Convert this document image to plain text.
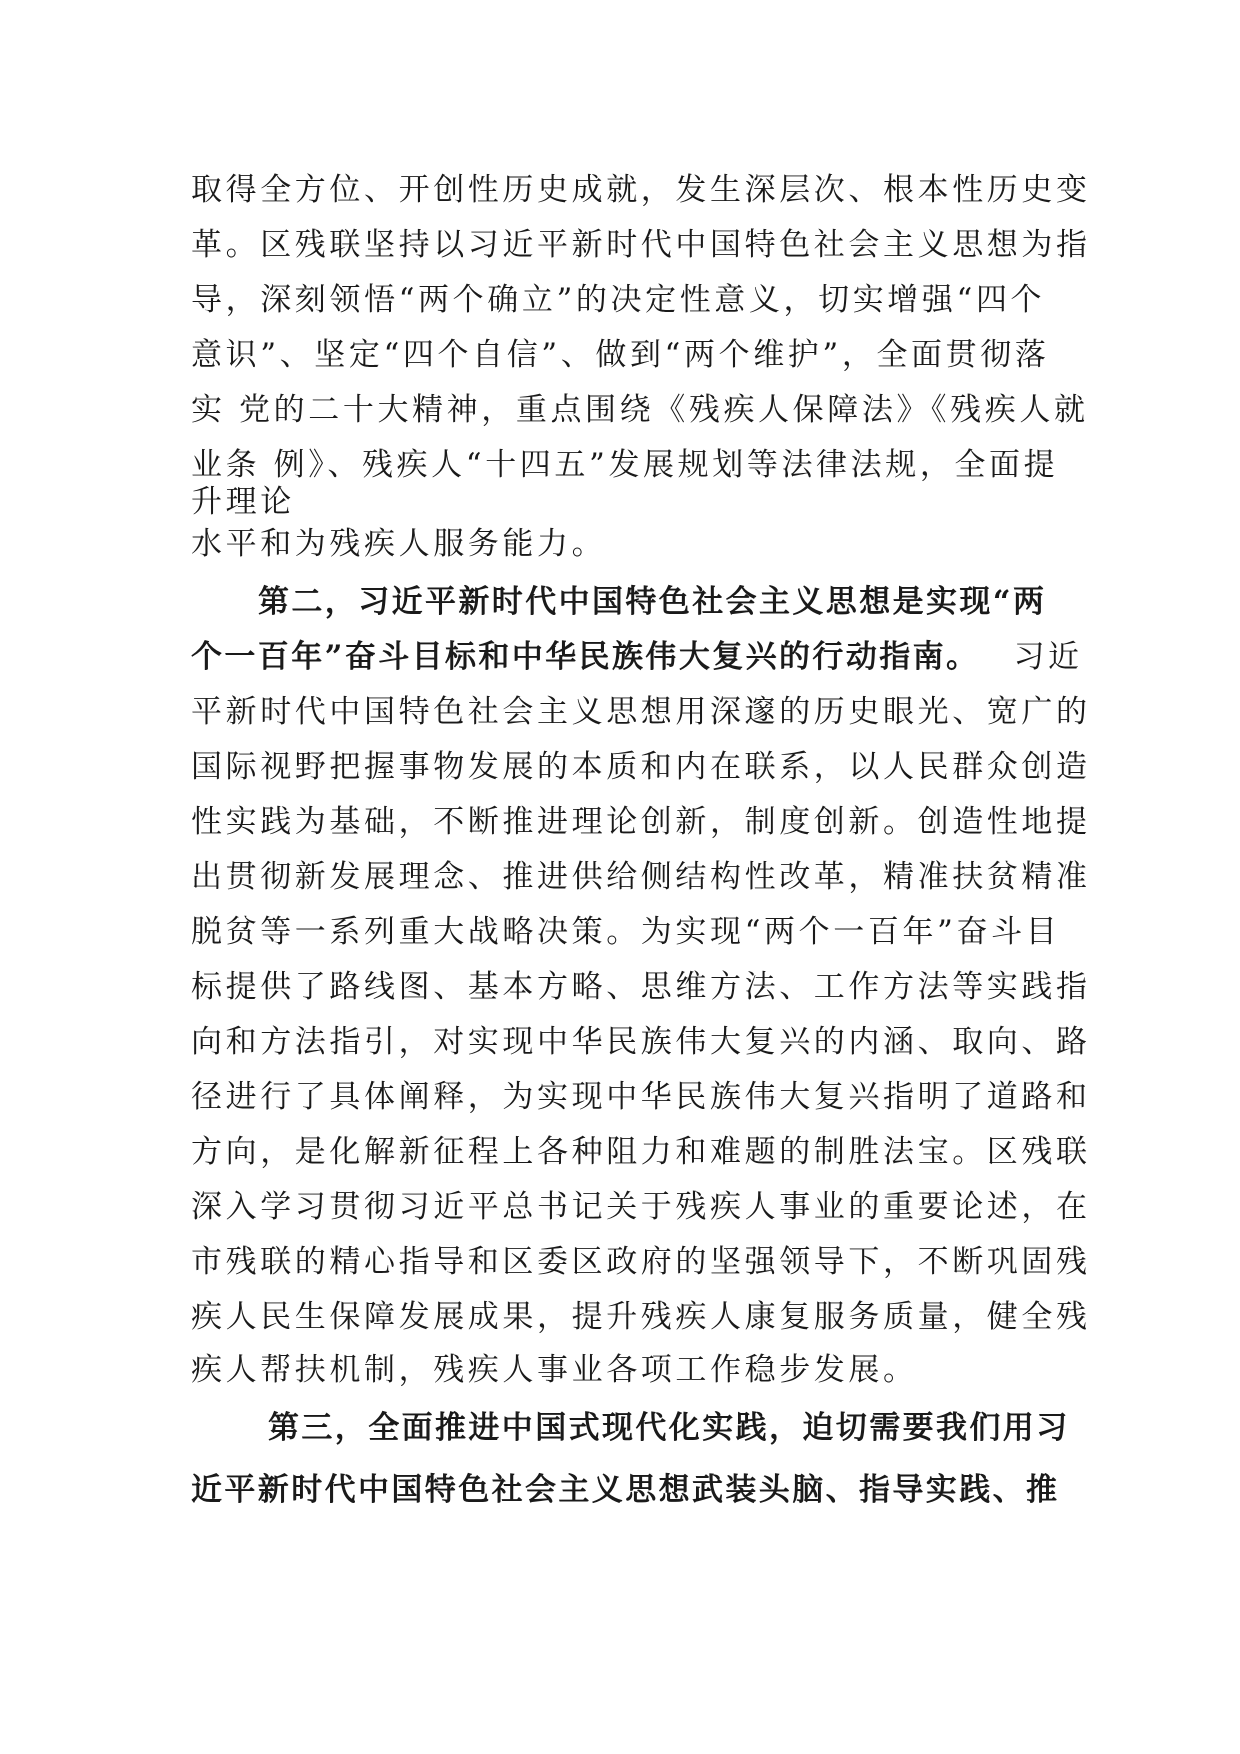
取得全方位、开创性历史成就，发生深层次、根本性历史变
革。区残联坚持以习近平新时代中国特色社会主义思想为指
导，深刻领悟“两个确立”的决定性意义，切实增强“四个
意识”、坚定“四个自信”、做到“两个维护”，全面贯彻落
实 党的二十大精神，重点围绕《残疾人保障法》《残疾人就
业条 例》、残疾人“十四五”发展规划等法律法规，全面提
升理论
水平和为残疾人服务能力。
第二，习近平新时代中国特色社会主义思想是实现“两
个一百年”奋斗目标和中华民族伟大复兴的行动指南。 习近
平新时代中国特色社会主义思想用深邃的历史眼光、宽广的
国际视野把握事物发展的本质和内在联系，以人民群众创造
性实践为基础，不断推进理论创新，制度创新。创造性地提
出贯彻新发展理念、推进供给侧结构性改革，精准扶贫精准
脱贫等一系列重大战略决策。为实现“两个一百年”奋斗目
标提供了路线图、基本方略、思维方法、工作方法等实践指
向和方法指引，对实现中华民族伟大复兴的内涵、取向、路
径进行了具体阐释，为实现中华民族伟大复兴指明了道路和
方向，是化解新征程上各种阻力和难题的制胜法宝。区残联
深入学习贯彻习近平总书记关于残疾人事业的重要论述，在
市残联的精心指导和区委区政府的坚强领导下，不断巩固残
疾人民生保障发展成果，提升残疾人康复服务质量，健全残
疾人帮扶机制，残疾人事业各项工作稳步发展。
第三，全面推进中国式现代化实践，迫切需要我们用习
近平新时代中国特色社会主义思想武装头脑、指导实践、推
